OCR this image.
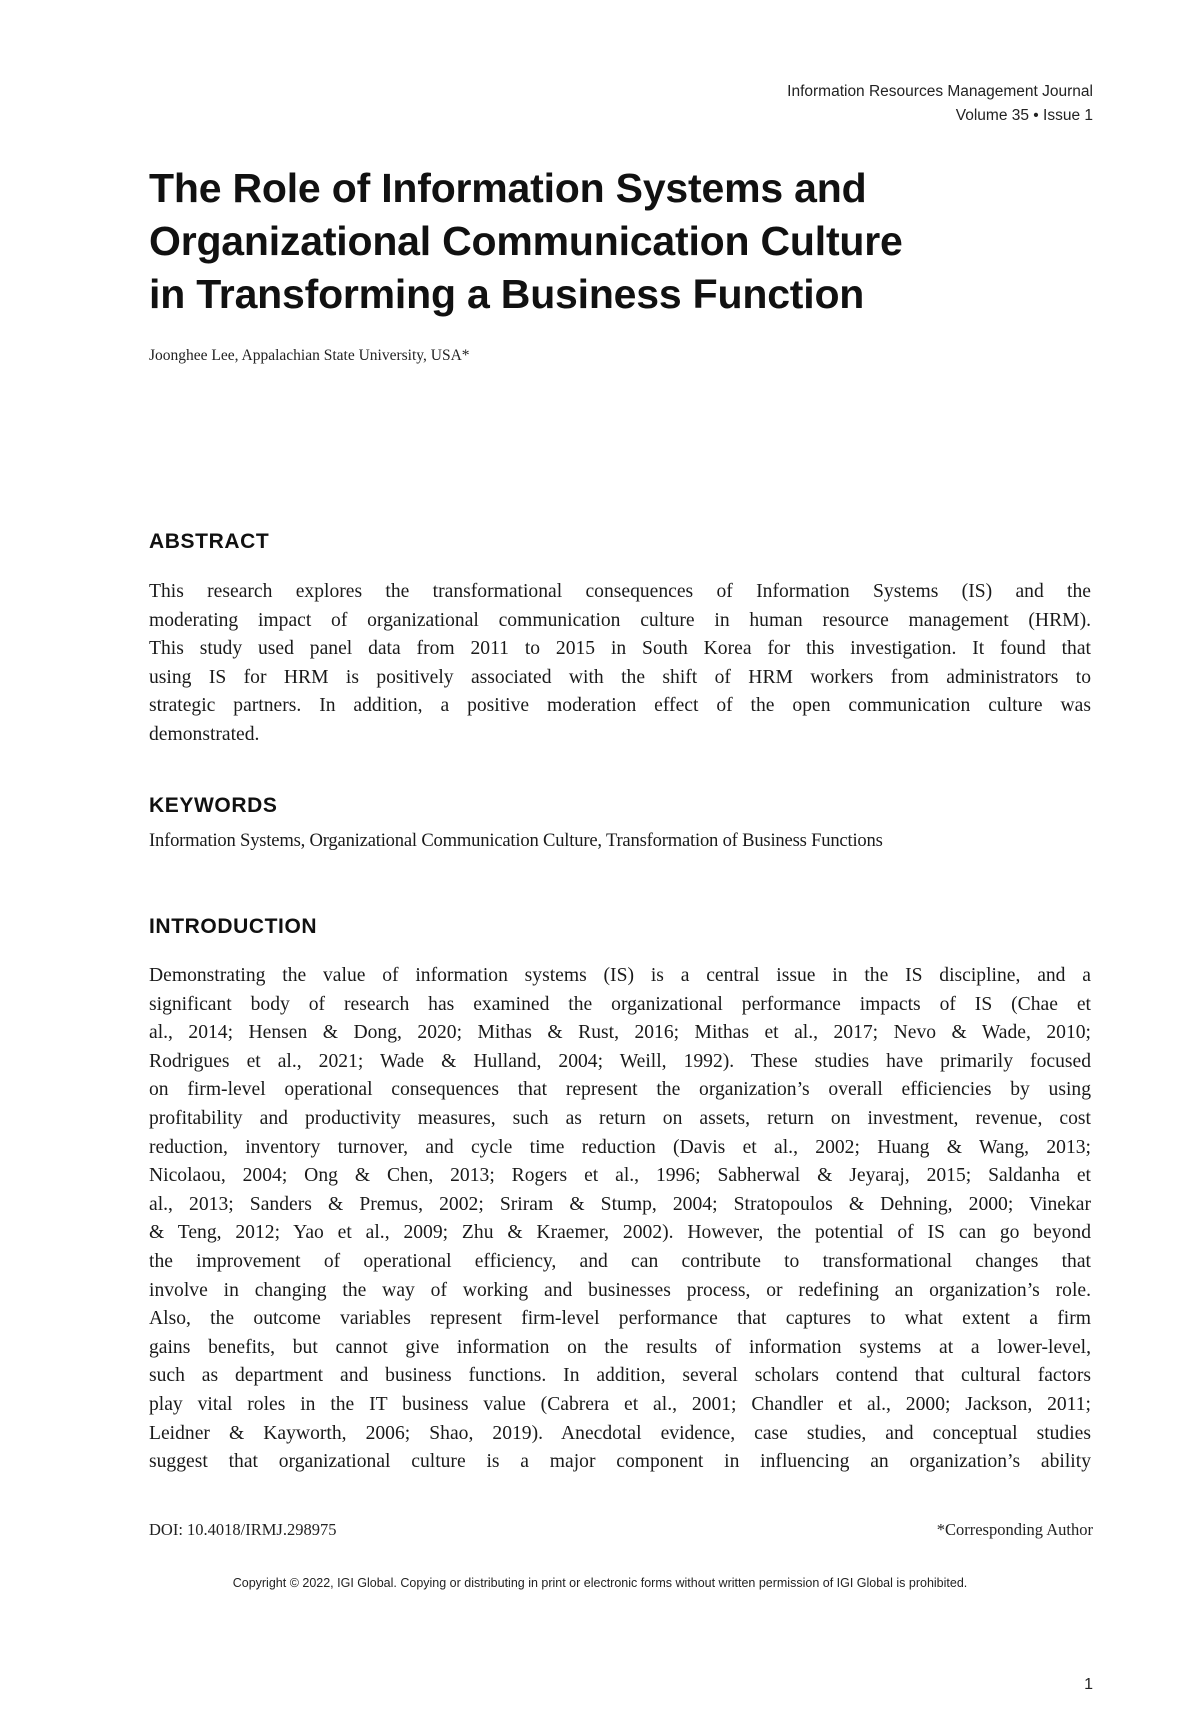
Information Resources Management Journal
Volume 35 • Issue 1
The Role of Information Systems and
Organizational Communication Culture
in Transforming a Business Function
Joonghee Lee, Appalachian State University, USA*
ABSTRACT
This research explores the transformational consequences of Information Systems (IS) and the
moderating impact of organizational communication culture in human resource management (HRM).
This study used panel data from 2011 to 2015 in South Korea for this investigation. It found that
using IS for HRM is positively associated with the shift of HRM workers from administrators to
strategic partners. In addition, a positive moderation effect of the open communication culture was
demonstrated.
KEYWORDS

Information Systems, Organizational Communication Culture, Transformation of Business Functions

INTRODUCTION
Demonstrating the value of information systems (IS) is a central issue in the IS discipline, and a
significant body of research has examined the organizational performance impacts of IS (Chae et
al., 2014; Hensen & Dong, 2020; Mithas & Rust, 2016; Mithas et al., 2017; Nevo & Wade, 2010;
Rodrigues et al., 2021; Wade & Hulland, 2004; Weill, 1992). These studies have primarily focused
on firm-level operational consequences that represent the organization’s overall efficiencies by using
profitability and productivity measures, such as return on assets, return on investment, revenue, cost
reduction, inventory turnover, and cycle time reduction (Davis et al., 2002; Huang & Wang, 2013;
Nicolaou, 2004; Ong & Chen, 2013; Rogers et al., 1996; Sabherwal & Jeyaraj, 2015; Saldanha et
al., 2013; Sanders & Premus, 2002; Sriram & Stump, 2004; Stratopoulos & Dehning, 2000; Vinekar
& Teng, 2012; Yao et al., 2009; Zhu & Kraemer, 2002). However, the potential of IS can go beyond
the improvement of operational efficiency, and can contribute to transformational changes that
involve in changing the way of working and businesses process, or redefining an organization’s role.
Also, the outcome variables represent firm-level performance that captures to what extent a firm
gains benefits, but cannot give information on the results of information systems at a lower-level,
such as department and business functions. In addition, several scholars contend that cultural factors
play vital roles in the IT business value (Cabrera et al., 2001; Chandler et al., 2000; Jackson, 2011;
Leidner & Kayworth, 2006; Shao, 2019). Anecdotal evidence, case studies, and conceptual studies
suggest that organizational culture is a major component in influencing an organization’s ability
DOI: 10.4018/IRMJ.298975	*Corresponding Author
Copyright © 2022, IGI Global. Copying or distributing in print or electronic forms without written permission of IGI Global is prohibited.
1
